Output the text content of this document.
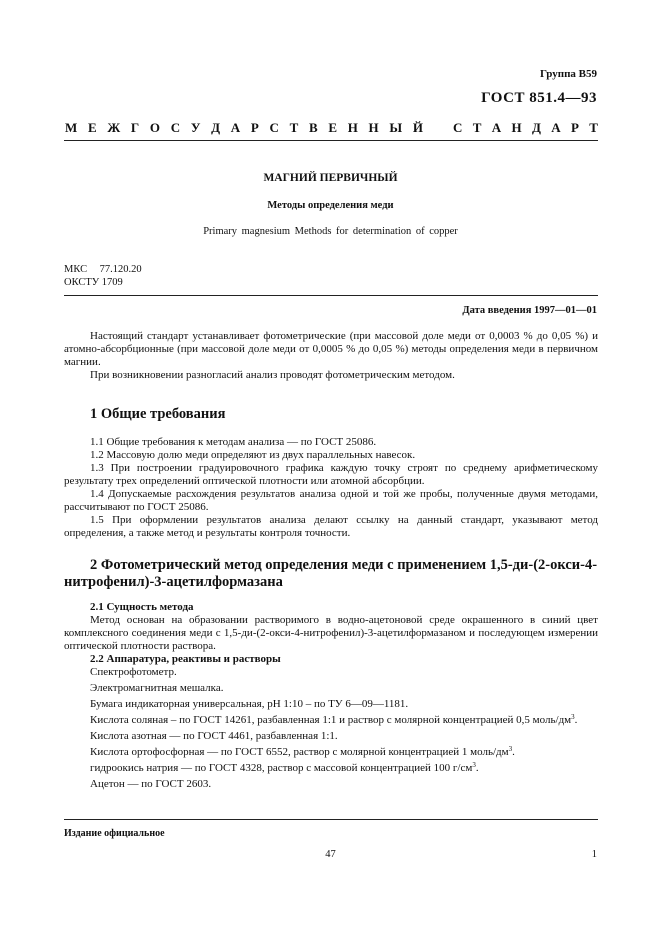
Группа В59
ГОСТ 851.4—93
М Е Ж Г О С У Д А Р С Т В Е Н Н Ы Й С Т А Н Д А Р Т
МАГНИЙ ПЕРВИЧНЫЙ
Методы определения меди
Primary magnesium Methods for determination of copper
МКС 77.120.20
ОКСТУ 1709
Дата введения 1997—01—01

Настоящий стандарт устанавливает фотометрические (при массовой доле меди от 0,0003 % до 0,05 %) и атомно-абсорбционные (при массовой доле меди от 0,0005 % до 0,05 %) методы определения меди в первичном магнии.

При возникновении разногласий анализ проводят фотометрическим методом.

1 Общие требования

1.1 Общие требования к методам анализа — по ГОСТ 25086.

1.2 Массовую долю меди определяют из двух параллельных навесок.

1.3 При построении градуировочного графика каждую точку строят по среднему арифметическому результату трех определений оптической плотности или атомной абсорбции.

1.4 Допускаемые расхождения результатов анализа одной и той же пробы, полученные двумя методами, рассчитывают по ГОСТ 25086.

1.5 При оформлении результатов анализа делают ссылку на данный стандарт, указывают метод определения, а также метод и результаты контроля точности.

2 Фотометрический метод определения меди с применением 1,5-ди-(2-окси-4-нитрофенил)-3-ацетилформазана

2.1 Сущность метода

Метод основан на образовании растворимого в водно-ацетоновой среде окрашенного в синий цвет комплексного соединения меди с 1,5-ди-(2-окси-4-нитрофенил)-3-ацетилформазаном и последующем измерении оптической плотности раствора.

2.2 Аппаратура, реактивы и растворы

Спектрофотометр.

Электромагнитная мешалка.

Бумага индикаторная универсальная, рН 1:10 – по ТУ 6—09—1181.

Кислота соляная – по ГОСТ 14261, разбавленная 1:1 и раствор с молярной концентрацией 0,5 моль/$дм^3$.

Кислота азотная — по ГОСТ 4461, разбавленная 1:1.

Кислота ортофосфорная — по ГОСТ 6552, раствор с молярной концентрацией 1 моль/$дм^3$.

гидроокись натрия — по ГОСТ 4328, раствор с массовой концентрацией 100 $г/см^3$.

Ацетон — по ГОСТ 2603.

Издание официальное
47	1
